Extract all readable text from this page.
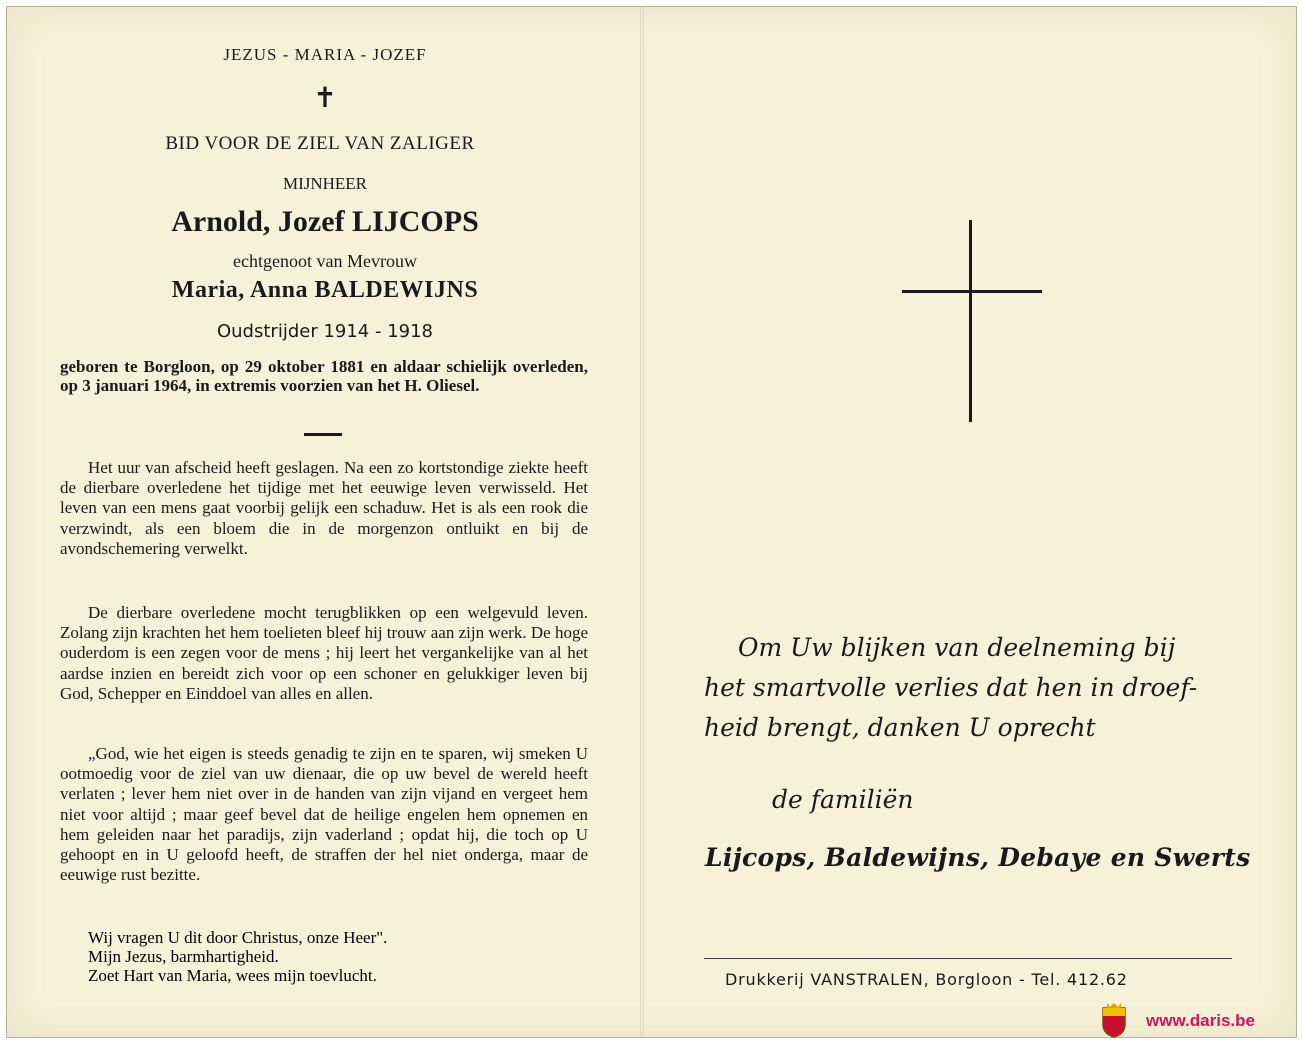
JEZUS - MARIA - JOZEF
✝
BID VOOR DE ZIEL VAN ZALIGER
MIJNHEER
Arnold, Jozef LIJCOPS
echtgenoot van Mevrouw
Maria, Anna BALDEWIJNS
Oudstrijder 1914 - 1918
geboren te Borgloon, op 29 oktober 1881 en aldaar schielijk overleden, op 3 januari 1964, in extremis voorzien van het H. Oliesel.

Het uur van afscheid heeft geslagen. Na een zo kortstondige ziekte heeft de dierbare overledene het tijdige met het eeuwige leven verwisseld. Het leven van een mens gaat voorbij gelijk een schaduw. Het is als een rook die verzwindt, als een bloem die in de morgenzon ontluikt en bij de avondschemering verwelkt.

De dierbare overledene mocht terugblikken op een welgevuld leven. Zolang zijn krachten het hem toelieten bleef hij trouw aan zijn werk. De hoge ouderdom is een zegen voor de mens ; hij leert het vergankelijke van al het aardse inzien en bereidt zich voor op een schoner en gelukkiger leven bij God, Schepper en Einddoel van alles en allen.

„God, wie het eigen is steeds genadig te zijn en te sparen, wij smeken U ootmoedig voor de ziel van uw dienaar, die op uw bevel de wereld heeft verlaten ; lever hem niet over in de handen van zijn vijand en vergeet hem niet voor altijd ; maar geef bevel dat de heilige engelen hem opnemen en hem geleiden naar het paradijs, zijn vaderland ; opdat hij, die toch op U gehoopt en in U geloofd heeft, de straffen der hel niet onderga, maar de eeuwige rust bezitte.

Wij vragen U dit door Christus, onze Heer".
Mijn Jezus, barmhartigheid.
Zoet Hart van Maria, wees mijn toevlucht.
Om Uw blijken van deelneming bij
het smartvolle verlies dat hen in droef-
heid brengt, danken U oprecht
de familiën
Lijcops, Baldewijns, Debaye en Swerts
Drukkerij VANSTRALEN, Borgloon - Tel. 412.62
www.daris.be
